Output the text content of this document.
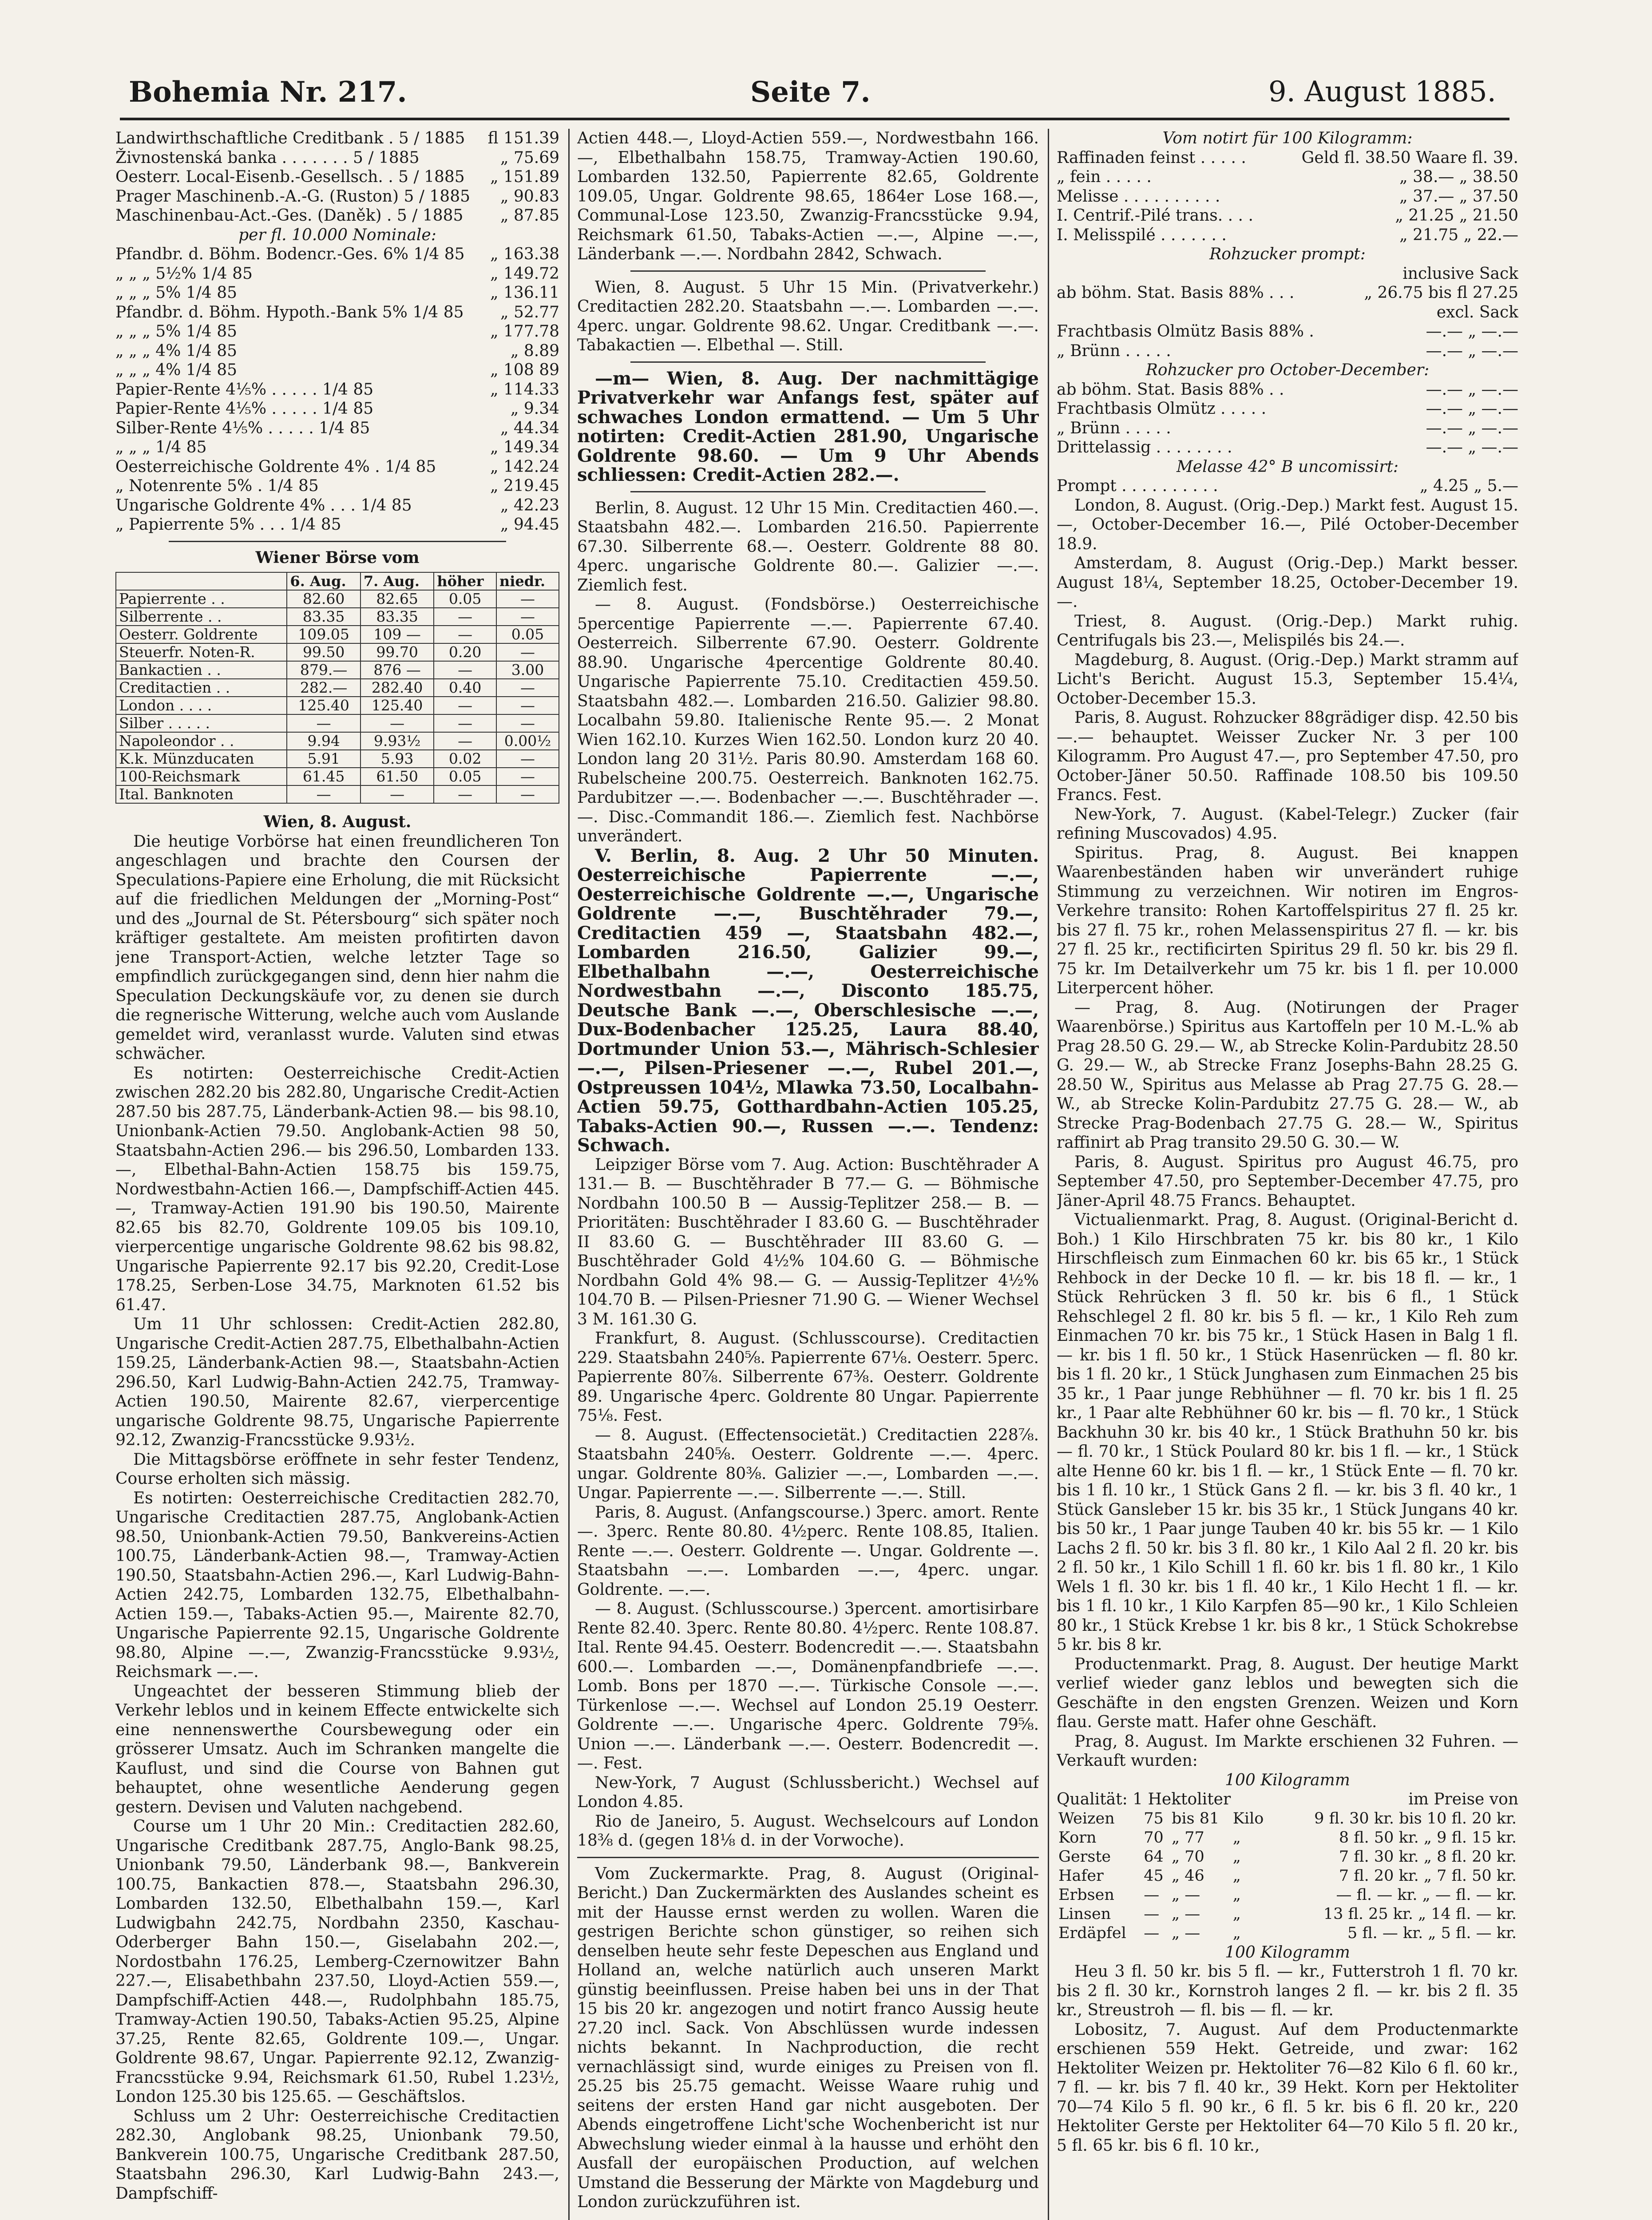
Bohemia Nr. 217.	Seite 7.	9. August 1885.
Landwirthschaftliche Creditbank . 5 / 1885 fl 151.39
Živnostenská banka . . . . . . . 5 / 1885	„ 75.69
Oesterr. Local-Eisenb.-Gesellsch. . 5 / 1885 „ 151.89
Prager Maschinenb.-A.-G. (Ruston) 5 / 1885 „ 90.83
Maschinenbau-Act.-Ges. (Daněk) . 5 / 1885 „ 87.85

per fl. 10.000 Nominale:

Pfandbr. d. Böhm. Bodencr.-Ges. 6% 1/4 85 „ 163.38
„ „ „ 5½% 1/4 85	„ 149.72
„ „ „ 5% 1/4 85	„ 136.11
Pfandbr. d. Böhm. Hypoth.-Bank 5% 1/4 85 „ 52.77
„ „ „ 5% 1/4 85	„ 177.78
„ „ „ 4% 1/4 85	„ 8.89
„ „ „ 4% 1/4 85	„ 108 89
Papier-Rente 4⅕% . . . . . 1/4 85	„ 114.33
Papier-Rente 4⅕% . . . . . 1/4 85	„ 9.34
Silber-Rente 4⅕% . . . . . 1/4 85	„ 44.34
„ „ „ 1/4 85	„ 149.34
Oesterreichische Goldrente 4% . 1/4 85	„ 142.24
„ Notenrente 5% . 1/4 85	„ 219.45
Ungarische Goldrente 4% . . . 1/4 85	„ 42.23
„ Papierrente 5% . . . 1/4 85	„ 94.45

Wiener Börse vom

	6. Aug.	7. Aug.	höher	niedr.
Papierrente . .	82.60	82.65	0.05	—
Silberrente . .	83.35	83.35	—	—
Oesterr. Goldrente	109.05	109 —	—	0.05
Steuerfr. Noten-R.	99.50	99.70	0.20	—
Bankactien . .	879.—	876 —	—	3.00
Creditactien . .	282.—	282.40	0.40	—
London . . . .	125.40	125.40	—	—
Silber . . . . .	—	—	—	—
Napoleondor . .	9.94	9.93½	—	0.00½
K.k. Münzducaten	5.91	5.93	0.02	—
100-Reichsmark	61.45	61.50	0.05	—
Ital. Banknoten	—	—	—	—

Wien, 8. August.

Die heutige Vorbörse hat einen freundlicheren Ton angeschlagen und brachte den Coursen der Speculations-Papiere eine Erholung, die mit Rücksicht auf die friedlichen Meldungen der „Morning-Post“ und des „Journal de St. Pétersbourg“ sich später noch kräftiger gestaltete. Am meisten profitirten davon jene Transport-Actien, welche letzter Tage so empfindlich zurückgegangen sind, denn hier nahm die Speculation Deckungskäufe vor, zu denen sie durch die regnerische Witterung, welche auch vom Auslande gemeldet wird, veranlasst wurde. Valuten sind etwas schwächer.

Es notirten: Oesterreichische Credit-Actien zwischen 282.20 bis 282.80, Ungarische Credit-Actien 287.50 bis 287.75, Länderbank-Actien 98.— bis 98.10, Unionbank-Actien 79.50. Anglobank-Actien 98 50, Staatsbahn-Actien 296.— bis 296.50, Lombarden 133.—, Elbethal-Bahn-Actien 158.75 bis 159.75, Nordwestbahn-Actien 166.—, Dampfschiff-Actien 445.—, Tramway-Actien 191.90 bis 190.50, Mairente 82.65 bis 82.70, Goldrente 109.05 bis 109.10, vierpercentige ungarische Goldrente 98.62 bis 98.82, Ungarische Papierrente 92.17 bis 92.20, Credit-Lose 178.25, Serben-Lose 34.75, Marknoten 61.52 bis 61.47.

Um 11 Uhr schlossen: Credit-Actien 282.80, Ungarische Credit-Actien 287.75, Elbethalbahn-Actien 159.25, Länderbank-Actien 98.—, Staatsbahn-Actien 296.50, Karl Ludwig-Bahn-Actien 242.75, Tramway-Actien 190.50, Mairente 82.67, vierpercentige ungarische Goldrente 98.75, Ungarische Papierrente 92.12, Zwanzig-Francsstücke 9.93½.

Die Mittagsbörse eröffnete in sehr fester Tendenz, Course erholten sich mässig.

Es notirten: Oesterreichische Creditactien 282.70, Ungarische Creditactien 287.75, Anglobank-Actien 98.50, Unionbank-Actien 79.50, Bankvereins-Actien 100.75, Länderbank-Actien 98.—, Tramway-Actien 190.50, Staatsbahn-Actien 296.—, Karl Ludwig-Bahn-Actien 242.75, Lombarden 132.75, Elbethalbahn-Actien 159.—, Tabaks-Actien 95.—, Mairente 82.70, Ungarische Papierrente 92.15, Ungarische Goldrente 98.80, Alpine —.—, Zwanzig-Francsstücke 9.93½, Reichsmark —.—.

Ungeachtet der besseren Stimmung blieb der Verkehr leblos und in keinem Effecte entwickelte sich eine nennenswerthe Coursbewegung oder ein grösserer Umsatz. Auch im Schranken mangelte die Kauflust, und sind die Course von Bahnen gut behauptet, ohne wesentliche Aenderung gegen gestern. Devisen und Valuten nachgebend.

Course um 1 Uhr 20 Min.: Creditactien 282.60, Ungarische Creditbank 287.75, Anglo-Bank 98.25, Unionbank 79.50, Länderbank 98.—, Bankverein 100.75, Bankactien 878.—, Staatsbahn 296.30, Lombarden 132.50, Elbethalbahn 159.—, Karl Ludwigbahn 242.75, Nordbahn 2350, Kaschau-Oderberger Bahn 150.—, Giselabahn 202.—, Nordostbahn 176.25, Lemberg-Czernowitzer Bahn 227.—, Elisabethbahn 237.50, Lloyd-Actien 559.—, Dampfschiff-Actien 448.—, Rudolphbahn 185.75, Tramway-Actien 190.50, Tabaks-Actien 95.25, Alpine 37.25, Rente 82.65, Goldrente 109.—, Ungar. Goldrente 98.67, Ungar. Papierrente 92.12, Zwanzig-Francsstücke 9.94, Reichsmark 61.50, Rubel 1.23½, London 125.30 bis 125.65. — Geschäftslos.

Schluss um 2 Uhr: Oesterreichische Creditactien 282.30, Anglobank 98.25, Unionbank 79.50, Bankverein 100.75, Ungarische Creditbank 287.50, Staatsbahn 296.30, Karl Ludwig-Bahn 243.—, Dampfschiff-

Actien 448.—, Lloyd-Actien 559.—, Nordwestbahn 166.—, Elbethalbahn 158.75, Tramway-Actien 190.60, Lombarden 132.50, Papierrente 82.65, Goldrente 109.05, Ungar. Goldrente 98.65, 1864er Lose 168.—, Communal-Lose 123.50, Zwanzig-Francsstücke 9.94, Reichsmark 61.50, Tabaks-Actien —.—, Alpine —.—, Länderbank —.—. Nordbahn 2842, Schwach.

Wien, 8. August. 5 Uhr 15 Min. (Privatverkehr.) Creditactien 282.20. Staatsbahn —.—. Lombarden —.—. 4perc. ungar. Goldrente 98.62. Ungar. Creditbank —.—. Tabakactien —. Elbethal —. Still.

—m— Wien, 8. Aug. Der nachmittägige Privatverkehr war Anfangs fest, später auf schwaches London ermattend. — Um 5 Uhr notirten: Credit-Actien 281.90, Ungarische Goldrente 98.60. — Um 9 Uhr Abends schliessen: Credit-Actien 282.—.

Berlin, 8. August. 12 Uhr 15 Min. Creditactien 460.—. Staatsbahn 482.—. Lombarden 216.50. Papierrente 67.30. Silberrente 68.—. Oesterr. Goldrente 88 80. 4perc. ungarische Goldrente 80.—. Galizier —.—. Ziemlich fest.

— 8. August. (Fondsbörse.) Oesterreichische 5percentige Papierrente —.—. Papierrente 67.40. Oesterreich. Silberrente 67.90. Oesterr. Goldrente 88.90. Ungarische 4percentige Goldrente 80.40. Ungarische Papierrente 75.10. Creditactien 459.50. Staatsbahn 482.—. Lombarden 216.50. Galizier 98.80. Localbahn 59.80. Italienische Rente 95.—. 2 Monat Wien 162.10. Kurzes Wien 162.50. London kurz 20 40. London lang 20 31½. Paris 80.90. Amsterdam 168 60. Rubelscheine 200.75. Oesterreich. Banknoten 162.75. Pardubitzer —.—. Bodenbacher —.—. Buschtěhrader —.—. Disc.-Commandit 186.—. Ziemlich fest. Nachbörse unverändert.

V. Berlin, 8. Aug. 2 Uhr 50 Minuten. Oesterreichische Papierrente —.—, Oesterreichische Goldrente —.—, Ungarische Goldrente —.—, Buschtěhrader 79.—, Creditactien 459 —, Staatsbahn 482.—, Lombarden 216.50, Galizier 99.—, Elbethalbahn —.—, Oesterreichische Nordwestbahn —.—, Disconto 185.75, Deutsche Bank —.—, Oberschlesische —.—, Dux-Bodenbacher 125.25, Laura 88.40, Dortmunder Union 53.—, Mährisch-Schlesier —.—, Pilsen-Priesener —.—, Rubel 201.—, Ostpreussen 104½, Mlawka 73.50, Localbahn-Actien 59.75, Gotthardbahn-Actien 105.25, Tabaks-Actien 90.—, Russen —.—. Tendenz: Schwach.

Leipziger Börse vom 7. Aug. Action: Buschtěhrader A 131.— B. — Buschtěhrader B 77.— G. — Böhmische Nordbahn 100.50 B — Aussig-Teplitzer 258.— B. — Prioritäten: Buschtěhrader I 83.60 G. — Buschtěhrader II 83.60 G. — Buschtěhrader III 83.60 G. — Buschtěhrader Gold 4½% 104.60 G. — Böhmische Nordbahn Gold 4% 98.— G. — Aussig-Teplitzer 4½% 104.70 B. — Pilsen-Priesner 71.90 G. — Wiener Wechsel 3 M. 161.30 G.

Frankfurt, 8. August. (Schlusscourse). Creditactien 229. Staatsbahn 240⅝. Papierrente 67⅛. Oesterr. 5perc. Papierrente 80⅞. Silberrente 67⅜. Oesterr. Goldrente 89. Ungarische 4perc. Goldrente 80 Ungar. Papierrente 75⅛. Fest.

— 8. August. (Effectensocietät.) Creditactien 228⅞. Staatsbahn 240⅝. Oesterr. Goldrente —.—. 4perc. ungar. Goldrente 80⅜. Galizier —.—, Lombarden —.—. Ungar. Papierrente —.—. Silberrente —.—. Still.

Paris, 8. August. (Anfangscourse.) 3perc. amort. Rente —. 3perc. Rente 80.80. 4½perc. Rente 108.85, Italien. Rente —.—. Oesterr. Goldrente —. Ungar. Goldrente —. Staatsbahn —.—. Lombarden —.—, 4perc. ungar. Goldrente. —.—.

— 8. August. (Schlusscourse.) 3percent. amortisirbare Rente 82.40. 3perc. Rente 80.80. 4½perc. Rente 108.87. Ital. Rente 94.45. Oesterr. Bodencredit —.—. Staatsbahn 600.—. Lombarden —.—, Domänenpfandbriefe —.—. Lomb. Bons per 1870 —.—. Türkische Console —.—. Türkenlose —.—. Wechsel auf London 25.19 Oesterr. Goldrente —.—. Ungarische 4perc. Goldrente 79⅝. Union —.—. Länderbank —.—. Oesterr. Bodencredit —.—. Fest.

New-York, 7 August (Schlussbericht.) Wechsel auf London 4.85.

Rio de Janeiro, 5. August. Wechselcours auf London 18⅜ d. (gegen 18⅛ d. in der Vorwoche).

Vom Zuckermarkte. Prag, 8. August (Original-Bericht.) Dan Zuckermärkten des Auslandes scheint es mit der Hausse ernst werden zu wollen. Waren die gestrigen Berichte schon günstiger, so reihen sich denselben heute sehr feste Depeschen aus England und Holland an, welche natürlich auch unseren Markt günstig beeinflussen. Preise haben bei uns in der That 15 bis 20 kr. angezogen und notirt franco Aussig heute 27.20 incl. Sack. Von Abschlüssen wurde indessen nichts bekannt. In Nachproduction, die recht vernachlässigt sind, wurde einiges zu Preisen von fl. 25.25 bis 25.75 gemacht. Weisse Waare ruhig und seitens der ersten Hand gar nicht ausgeboten. Der Abends eingetroffene Licht'sche Wochenbericht ist nur Abwechslung wieder einmal à la hausse und erhöht den Ausfall der europäischen Production, auf welchen Umstand die Besserung der Märkte von Magdeburg und London zurückzuführen ist.

Vom notirt für 100 Kilogramm:

Raffinaden feinst . . . . .	Geld fl. 38.50 Waare fl. 39.
„ fein . . . . .	„ 38.— „ 38.50
Melisse . . . . . . . . . .	„ 37.— „ 37.50
I. Centrif.-Pilé trans. . . .	„ 21.25 „ 21.50
I. Melisspilé . . . . . . .	„ 21.75 „ 22.—

Rohzucker prompt:

inclusive Sack

ab böhm. Stat. Basis 88% . . .	„ 26.75 bis fl 27.25

excl. Sack

Frachtbasis Olmütz Basis 88% .	—.— „ —.—
„ Brünn . . . . .	—.— „ —.—

Rohzucker pro October-December:

ab böhm. Stat. Basis 88% . .	—.— „ —.—
Frachtbasis Olmütz . . . . .	—.— „ —.—
„ Brünn . . . . .	—.— „ —.—
Drittelassig . . . . . . . .	—.— „ —.—

Melasse 42° B uncomissirt:

Prompt . . . . . . . . . .	„ 4.25 „ 5.—

London, 8. August. (Orig.-Dep.) Markt fest. August 15.—, October-December 16.—, Pilé October-December 18.9.

Amsterdam, 8. August (Orig.-Dep.) Markt besser. August 18¼, September 18.25, October-December 19.—.

Triest, 8. August. (Orig.-Dep.) Markt ruhig. Centrifugals bis 23.—, Melispilés bis 24.—.

Magdeburg, 8. August. (Orig.-Dep.) Markt stramm auf Licht's Bericht. August 15.3, September 15.4¼, October-December 15.3.

Paris, 8. August. Rohzucker 88grädiger disp. 42.50 bis —.— behauptet. Weisser Zucker Nr. 3 per 100 Kilogramm. Pro August 47.—, pro September 47.50, pro October-Jäner 50.50. Raffinade 108.50 bis 109.50 Francs. Fest.

New-York, 7. August. (Kabel-Telegr.) Zucker (fair refining Muscovados) 4.95.

Spiritus. Prag, 8. August. Bei knappen Waarenbeständen haben wir unverändert ruhige Stimmung zu verzeichnen. Wir notiren im Engros-Verkehre transito: Rohen Kartoffelspiritus 27 fl. 25 kr. bis 27 fl. 75 kr., rohen Melassenspiritus 27 fl. — kr. bis 27 fl. 25 kr., rectificirten Spiritus 29 fl. 50 kr. bis 29 fl. 75 kr. Im Detailverkehr um 75 kr. bis 1 fl. per 10.000 Literpercent höher.

— Prag, 8. Aug. (Notirungen der Prager Waarenbörse.) Spiritus aus Kartoffeln per 10 M.-L.% ab Prag 28.50 G. 29.— W., ab Strecke Kolin-Pardubitz 28.50 G. 29.— W., ab Strecke Franz Josephs-Bahn 28.25 G. 28.50 W., Spiritus aus Melasse ab Prag 27.75 G. 28.— W., ab Strecke Kolin-Pardubitz 27.75 G. 28.— W., ab Strecke Prag-Bodenbach 27.75 G. 28.— W., Spiritus raffinirt ab Prag transito 29.50 G. 30.— W.

Paris, 8. August. Spiritus pro August 46.75, pro September 47.50, pro September-December 47.75, pro Jäner-April 48.75 Francs. Behauptet.

Victualienmarkt. Prag, 8. August. (Original-Bericht d. Boh.) 1 Kilo Hirschbraten 75 kr. bis 80 kr., 1 Kilo Hirschfleisch zum Einmachen 60 kr. bis 65 kr., 1 Stück Rehbock in der Decke 10 fl. — kr. bis 18 fl. — kr., 1 Stück Rehrücken 3 fl. 50 kr. bis 6 fl., 1 Stück Rehschlegel 2 fl. 80 kr. bis 5 fl. — kr., 1 Kilo Reh zum Einmachen 70 kr. bis 75 kr., 1 Stück Hasen in Balg 1 fl. — kr. bis 1 fl. 50 kr., 1 Stück Hasenrücken — fl. 80 kr. bis 1 fl. 20 kr., 1 Stück Junghasen zum Einmachen 25 bis 35 kr., 1 Paar junge Rebhühner — fl. 70 kr. bis 1 fl. 25 kr., 1 Paar alte Rebhühner 60 kr. bis — fl. 70 kr., 1 Stück Backhuhn 30 kr. bis 40 kr., 1 Stück Brathuhn 50 kr. bis — fl. 70 kr., 1 Stück Poulard 80 kr. bis 1 fl. — kr., 1 Stück alte Henne 60 kr. bis 1 fl. — kr., 1 Stück Ente — fl. 70 kr. bis 1 fl. 10 kr., 1 Stück Gans 2 fl. — kr. bis 3 fl. 40 kr., 1 Stück Gansleber 15 kr. bis 35 kr., 1 Stück Jungans 40 kr. bis 50 kr., 1 Paar junge Tauben 40 kr. bis 55 kr. — 1 Kilo Lachs 2 fl. 50 kr. bis 3 fl. 80 kr., 1 Kilo Aal 2 fl. 20 kr. bis 2 fl. 50 kr., 1 Kilo Schill 1 fl. 60 kr. bis 1 fl. 80 kr., 1 Kilo Wels 1 fl. 30 kr. bis 1 fl. 40 kr., 1 Kilo Hecht 1 fl. — kr. bis 1 fl. 10 kr., 1 Kilo Karpfen 85—90 kr., 1 Kilo Schleien 80 kr., 1 Stück Krebse 1 kr. bis 8 kr., 1 Stück Schokrebse 5 kr. bis 8 kr.

Productenmarkt. Prag, 8. August. Der heutige Markt verlief wieder ganz leblos und bewegten sich die Geschäfte in den engsten Grenzen. Weizen und Korn flau. Gerste matt. Hafer ohne Geschäft.

Prag, 8. August. Im Markte erschienen 32 Fuhren. — Verkauft wurden:

100 Kilogramm

Qualität: 1 Hektoliter	im Preise von
Weizen	75	bis 81	Kilo	9 fl. 30 kr. bis 10 fl. 20 kr.
Korn	70	„ 77	„	8 fl. 50 kr. „ 9 fl. 15 kr.
Gerste	64	„ 70	„	7 fl. 30 kr. „ 8 fl. 20 kr.
Hafer	45	„ 46	„	7 fl. 20 kr. „ 7 fl. 50 kr.
Erbsen	—	„ —	„	— fl. — kr. „ — fl. — kr.
Linsen	—	„ —	„	13 fl. 25 kr. „ 14 fl. — kr.
Erdäpfel	—	„ —	„	5 fl. — kr. „ 5 fl. — kr.

100 Kilogramm

Heu 3 fl. 50 kr. bis 5 fl. — kr., Futterstroh 1 fl. 70 kr. bis 2 fl. 30 kr., Kornstroh langes 2 fl. — kr. bis 2 fl. 35 kr., Streustroh — fl. bis — fl. — kr.

Lobositz, 7. August. Auf dem Productenmarkte erschienen 559 Hekt. Getreide, und zwar: 162 Hektoliter Weizen pr. Hektoliter 76—82 Kilo 6 fl. 60 kr., 7 fl. — kr. bis 7 fl. 40 kr., 39 Hekt. Korn per Hektoliter 70—74 Kilo 5 fl. 90 kr., 6 fl. 5 kr. bis 6 fl. 20 kr., 220 Hektoliter Gerste per Hektoliter 64—70 Kilo 5 fl. 20 kr., 5 fl. 65 kr. bis 6 fl. 10 kr.,
